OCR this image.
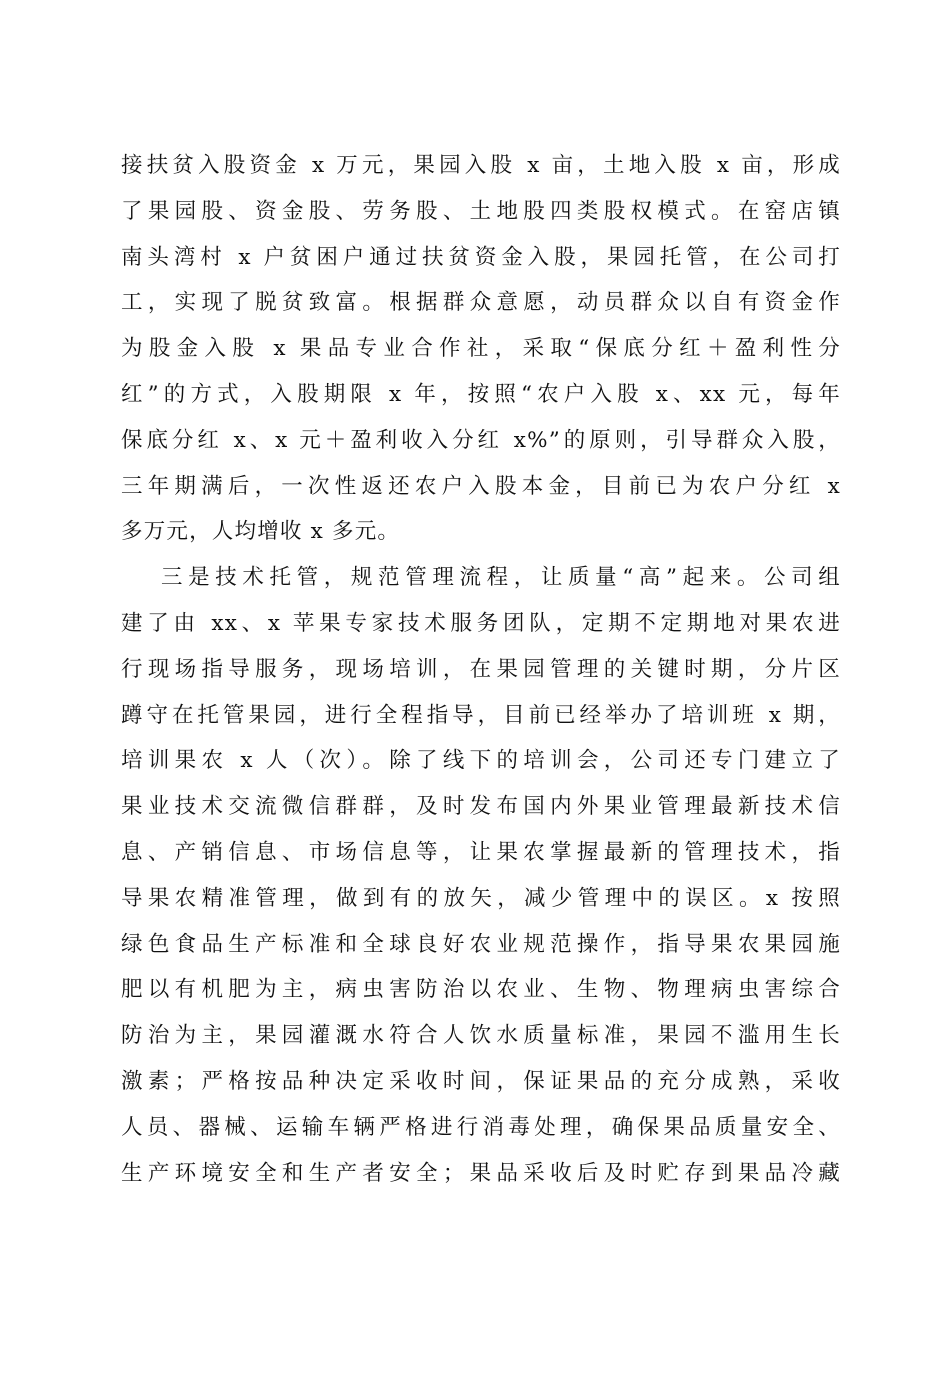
接扶贫入股资金 x 万元，果园入股 x 亩，土地入股 x 亩，形成
了果园股、资金股、劳务股、土地股四类股权模式。在窑店镇
南头湾村 x 户贫困户通过扶贫资金入股，果园托管，在公司打
工，实现了脱贫致富。根据群众意愿，动员群众以自有资金作
为股金入股 x 果品专业合作社，采取“保底分红＋盈利性分
红”的方式，入股期限 x 年，按照“农户入股 x、xx 元，每年
保底分红 x、x 元＋盈利收入分红 x%”的原则，引导群众入股，
三年期满后，一次性返还农户入股本金，目前已为农户分红 x
多万元，人均增收 x 多元。
三是技术托管，规范管理流程，让质量“高”起来。公司组
建了由 xx、x 苹果专家技术服务团队，定期不定期地对果农进
行现场指导服务，现场培训，在果园管理的关键时期，分片区
蹲守在托管果园，进行全程指导，目前已经举办了培训班 x 期，
培训果农 x 人（次）。除了线下的培训会，公司还专门建立了
果业技术交流微信群群，及时发布国内外果业管理最新技术信
息、产销信息、市场信息等，让果农掌握最新的管理技术，指
导果农精准管理，做到有的放矢，减少管理中的误区。x 按照
绿色食品生产标准和全球良好农业规范操作，指导果农果园施
肥以有机肥为主，病虫害防治以农业、生物、物理病虫害综合
防治为主，果园灌溉水符合人饮水质量标准，果园不滥用生长
激素；严格按品种决定采收时间，保证果品的充分成熟，采收
人员、器械、运输车辆严格进行消毒处理，确保果品质量安全、
生产环境安全和生产者安全；果品采收后及时贮存到果品冷藏
